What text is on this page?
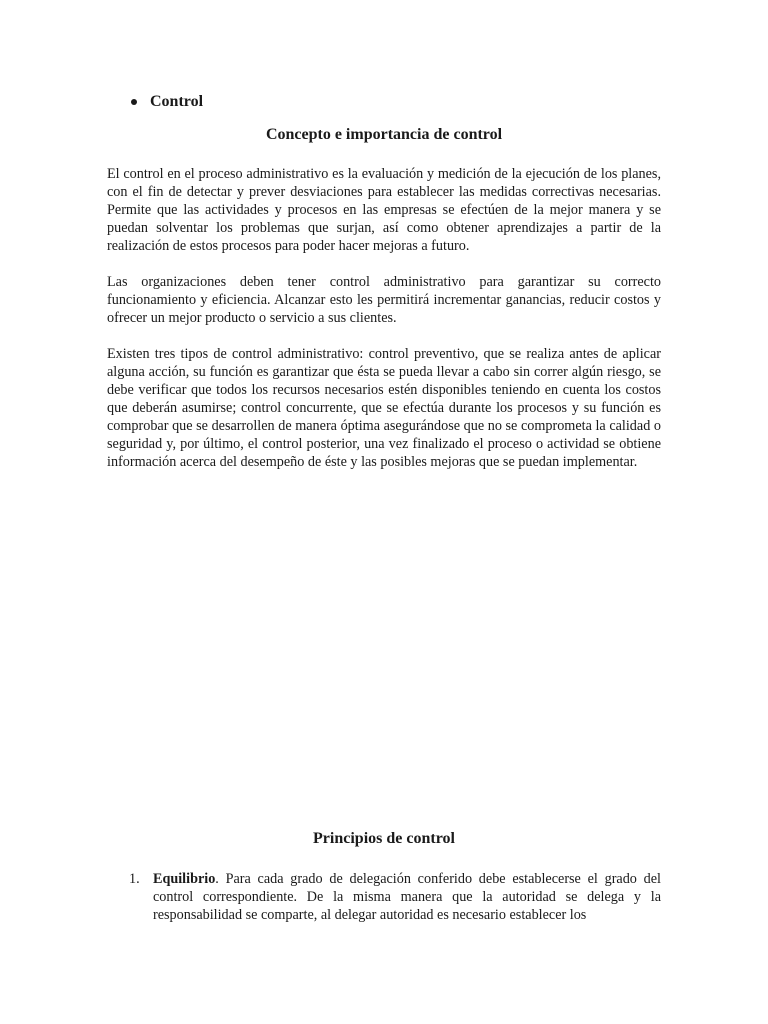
Control
Concepto e importancia de control

El control en el proceso administrativo es la evaluación y medición de la ejecución de los planes, con el fin de detectar y prever desviaciones para establecer las medidas correctivas necesarias. Permite que las actividades y procesos en las empresas se efectúen de la mejor manera y se puedan solventar los problemas que surjan, así como obtener aprendizajes a partir de la realización de estos procesos para poder hacer mejoras a futuro.

Las organizaciones deben tener control administrativo para garantizar su correcto funcionamiento y eficiencia. Alcanzar esto les permitirá incrementar ganancias, reducir costos y ofrecer un mejor producto o servicio a sus clientes.

Existen tres tipos de control administrativo: control preventivo, que se realiza antes de aplicar alguna acción, su función es garantizar que ésta se pueda llevar a cabo sin correr algún riesgo, se debe verificar que todos los recursos necesarios estén disponibles teniendo en cuenta los costos que deberán asumirse; control concurrente, que se efectúa durante los procesos y su función es comprobar que se desarrollen de manera óptima asegurándose que no se comprometa la calidad o seguridad y, por último, el control posterior, una vez finalizado el proceso o actividad se obtiene información acerca del desempeño de éste y las posibles mejoras que se puedan implementar.

Principios de control
1. Equilibrio. Para cada grado de delegación conferido debe establecerse el grado del control correspondiente. De la misma manera que la autoridad se delega y la responsabilidad se comparte, al delegar autoridad es necesario establecer los
